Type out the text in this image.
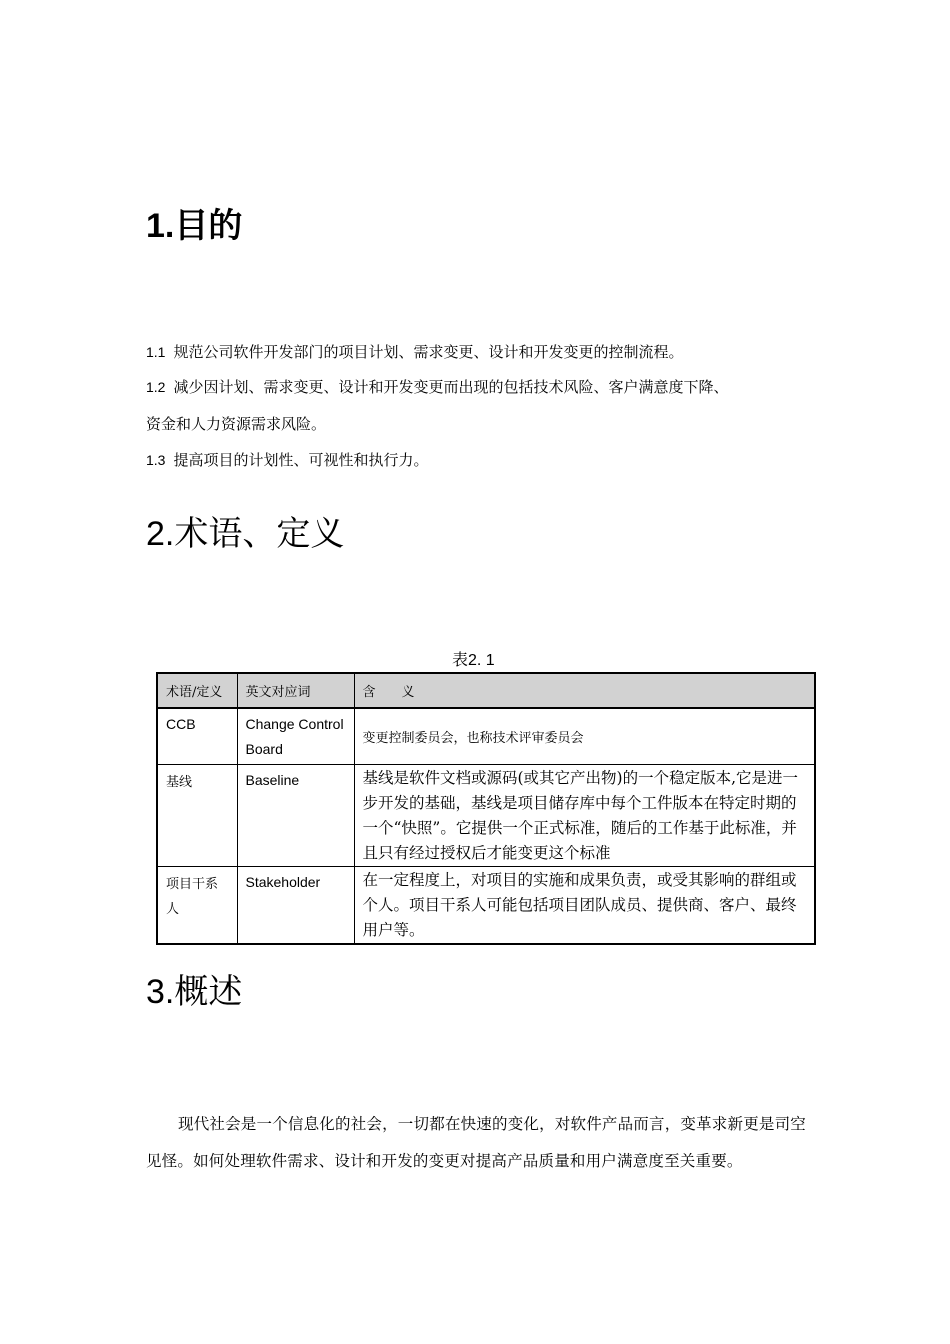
1.目的
1.1 规范公司软件开发部门的项目计划、需求变更、设计和开发变更的控制流程。
1.2 减少因计划、需求变更、设计和开发变更而出现的包括技术风险、客户满意度下降、
资金和人力资源需求风险。
1.3 提高项目的计划性、可视性和执行力。
2.术语、定义
表2. 1
术语/定义	英文对应词	含　　义
CCB	Change Control Board	变更控制委员会，也称技术评审委员会
基线	Baseline	基线是软件文档或源码(或其它产出物)的一个稳定版本,它是进一步开发的基础，基线是项目储存库中每个工件版本在特定时期的一个“快照”。它提供一个正式标准，随后的工作基于此标准，并且只有经过授权后才能变更这个标准
项目干系人	Stakeholder	在一定程度上，对项目的实施和成果负责，或受其影响的群组或个人。项目干系人可能包括项目团队成员、提供商、客户、最终用户等。
3.概述
现代社会是一个信息化的社会，一切都在快速的变化，对软件产品而言，变革求新更是司空见怪。如何处理软件需求、设计和开发的变更对提高产品质量和用户满意度至关重要。
